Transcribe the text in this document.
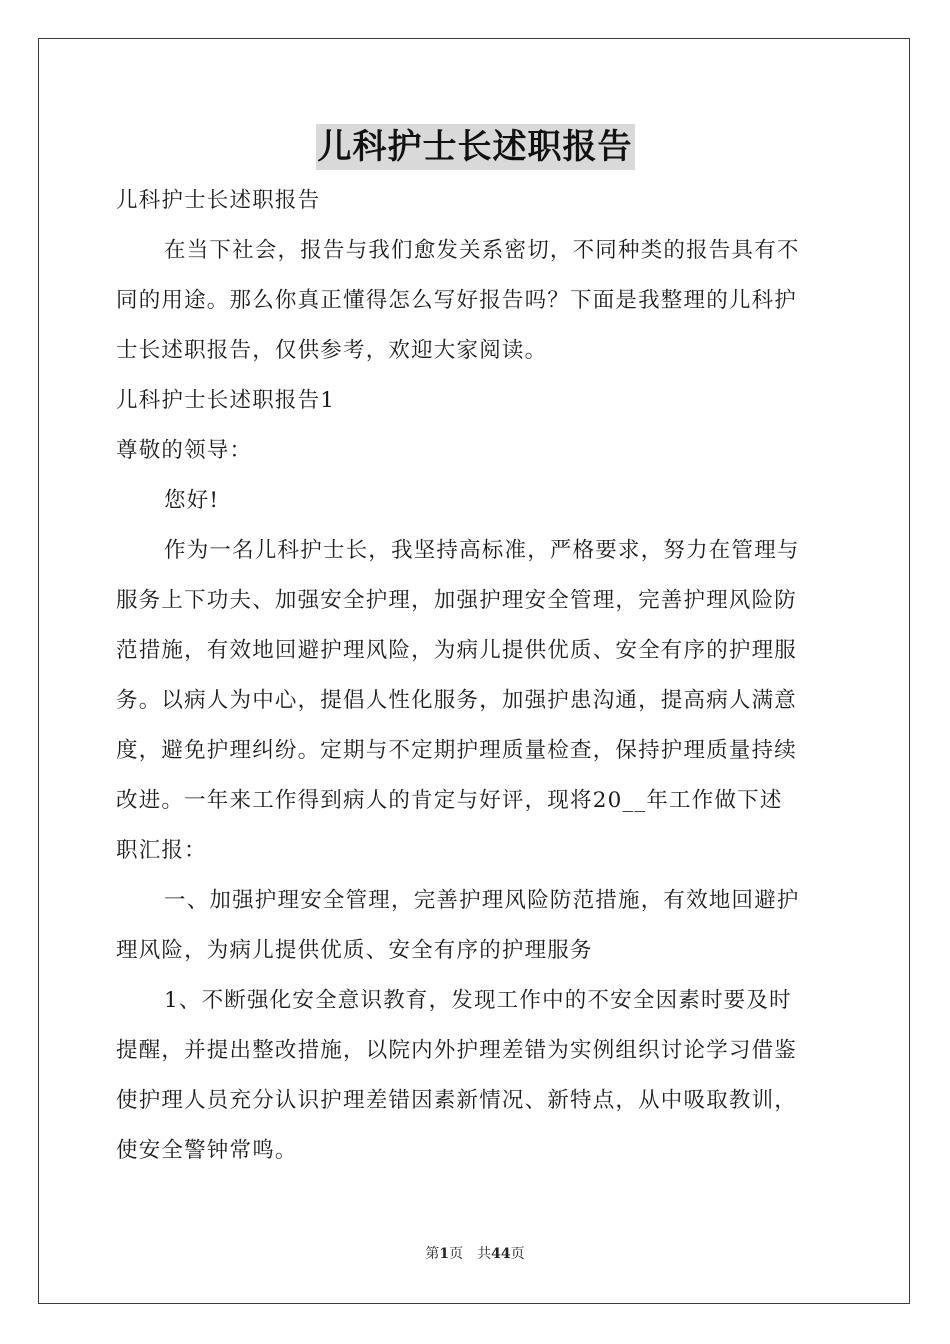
儿科护士长述职报告
儿科护士长述职报告
在当下社会，报告与我们愈发关系密切，不同种类的报告具有不
同的用途。那么你真正懂得怎么写好报告吗？下面是我整理的儿科护
士长述职报告，仅供参考，欢迎大家阅读。
儿科护士长述职报告1
尊敬的领导：
您好!
作为一名儿科护士长，我坚持高标准，严格要求，努力在管理与
服务上下功夫、加强安全护理，加强护理安全管理，完善护理风险防
范措施，有效地回避护理风险，为病儿提供优质、安全有序的护理服
务。以病人为中心，提倡人性化服务，加强护患沟通，提高病人满意
度，避免护理纠纷。定期与不定期护理质量检查，保持护理质量持续
改进。一年来工作得到病人的肯定与好评，现将20__年工作做下述
职汇报：
一、加强护理安全管理，完善护理风险防范措施，有效地回避护
理风险，为病儿提供优质、安全有序的护理服务
1、不断强化安全意识教育，发现工作中的不安全因素时要及时
提醒，并提出整改措施，以院内外护理差错为实例组织讨论学习借鉴
使护理人员充分认识护理差错因素新情况、新特点，从中吸取教训，
使安全警钟常鸣。
第1页 共44页
